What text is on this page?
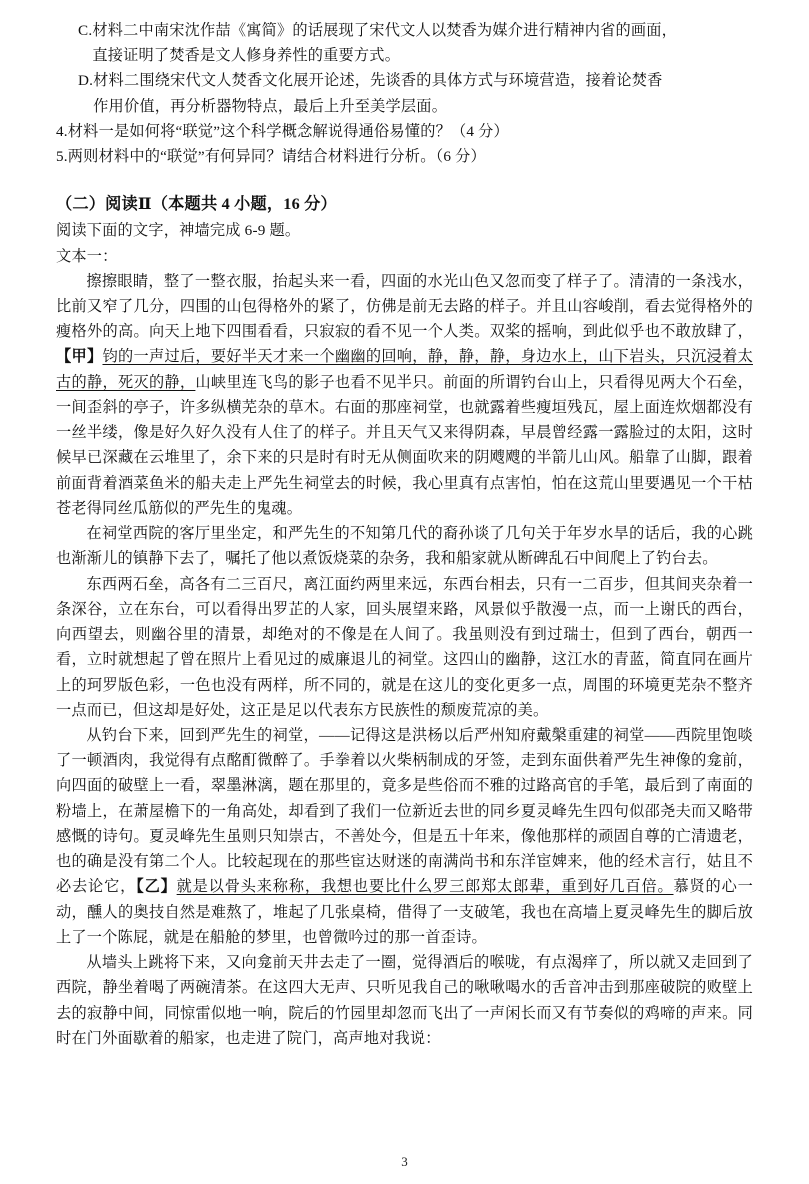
C. 材料二中南宋沈作喆《寓简》的话展现了宋代文人以焚香为媒介进行精神内省的画面，
直接证明了焚香是文人修身养性的重要方式。
D. 材料二围绕宋代文人焚香文化展开论述，先谈香的具体方式与环境营造，接着论焚香
作用价值，再分析器物特点，最后上升至美学层面。

4.材料一是如何将“联觉”这个科学概念解说得通俗易懂的？（4 分）

5.两则材料中的“联觉”有何异同？请结合材料进行分析。（6 分）

（二）阅读Ⅱ（本题共 4 小题，16 分）

阅读下面的文字，神墙完成 6-9 题。

文本一：

擦擦眼睛，整了一整衣服，抬起头来一看，四面的水光山色又忽而变了样子了。清清的一条浅水，比前又窄了几分，四围的山包得格外的紧了，仿佛是前无去路的样子。并且山容峻削，看去觉得格外的瘦格外的高。向天上地下四围看看，只寂寂的看不见一个人类。双桨的摇响，到此似乎也不敢放肆了，【甲】钧的一声过后，要好半天才来一个幽幽的回响，静，静，静，身边水上，山下岩头，只沉浸着太古的静，死灭的静，山峡里连飞鸟的影子也看不见半只。前面的所谓钓台山上，只看得见两大个石垒，一间歪斜的亭子，许多纵横芜杂的草木。右面的那座祠堂，也就露着些瘦垣残瓦，屋上面连炊烟都没有一丝半缕，像是好久好久没有人住了的样子。并且天气又来得阴森，早晨曾经露一露脸过的太阳，这时候早已深藏在云堆里了，余下来的只是时有时无从侧面吹来的阴飕飕的半箭儿山风。船靠了山脚，跟着前面背着酒菜鱼米的船夫走上严先生祠堂去的时候，我心里真有点害怕，怕在这荒山里要遇见一个干枯苍老得同丝瓜筋似的严先生的鬼魂。

在祠堂西院的客厅里坐定，和严先生的不知第几代的裔孙谈了几句关于年岁水旱的话后，我的心跳也渐渐儿的镇静下去了，嘱托了他以煮饭烧菜的杂务，我和船家就从断碑乱石中间爬上了钓台去。

东西两石垒，高各有二三百尺，离江面约两里来远，东西台相去，只有一二百步，但其间夹杂着一条深谷，立在东台，可以看得出罗芷的人家，回头展望来路，风景似乎散漫一点，而一上谢氏的西台，向西望去，则幽谷里的清景，却绝对的不像是在人间了。我虽则没有到过瑞士，但到了西台，朝西一看，立时就想起了曾在照片上看见过的威廉退儿的祠堂。这四山的幽静，这江水的青蓝，简直同在画片上的珂罗版色彩，一色也没有两样，所不同的，就是在这儿的变化更多一点，周围的环境更芜杂不整齐一点而已，但这却是好处，这正是足以代表东方民族性的颓废荒凉的美。

从钓台下来，回到严先生的祠堂，——记得这是洪杨以后严州知府戴槃重建的祠堂——西院里饱啖了一顿酒肉，我觉得有点酩酊微醉了。手拳着以火柴柄制成的牙签，走到东面供着严先生神像的龛前，向四面的破壁上一看，翠墨淋漓，题在那里的，竟多是些俗而不雅的过路高官的手笔，最后到了南面的粉墙上，在萧屋檐下的一角高处，却看到了我们一位新近去世的同乡夏灵峰先生四句似邵尧夫而又略带感慨的诗句。夏灵峰先生虽则只知崇古，不善处今，但是五十年来，像他那样的顽固自尊的亡清遗老，也的确是没有第二个人。比较起现在的那些宦达财迷的南满尚书和东洋宦婢来，他的经术言行，姑且不必去论它，【乙】就是以骨头来称称，我想也要比什么罗三郎郑太郎辈，重到好几百倍。慕贤的心一动，醺人的奥技自然是难熬了，堆起了几张桌椅，借得了一支破笔，我也在高墙上夏灵峰先生的脚后放上了一个陈屁，就是在船舱的梦里，也曾微吟过的那一首歪诗。

从墙头上跳将下来，又向龛前天井去走了一圈，觉得酒后的喉咙，有点渴痒了，所以就又走回到了西院，静坐着喝了两碗清茶。在这四大无声、只听见我自己的啾啾喝水的舌音冲击到那座破院的败壁上去的寂静中间，同惊雷似地一响，院后的竹园里却忽而飞出了一声闲长而又有节奏似的鸡啼的声来。同时在门外面歇着的船家，也走进了院门，高声地对我说：

3
